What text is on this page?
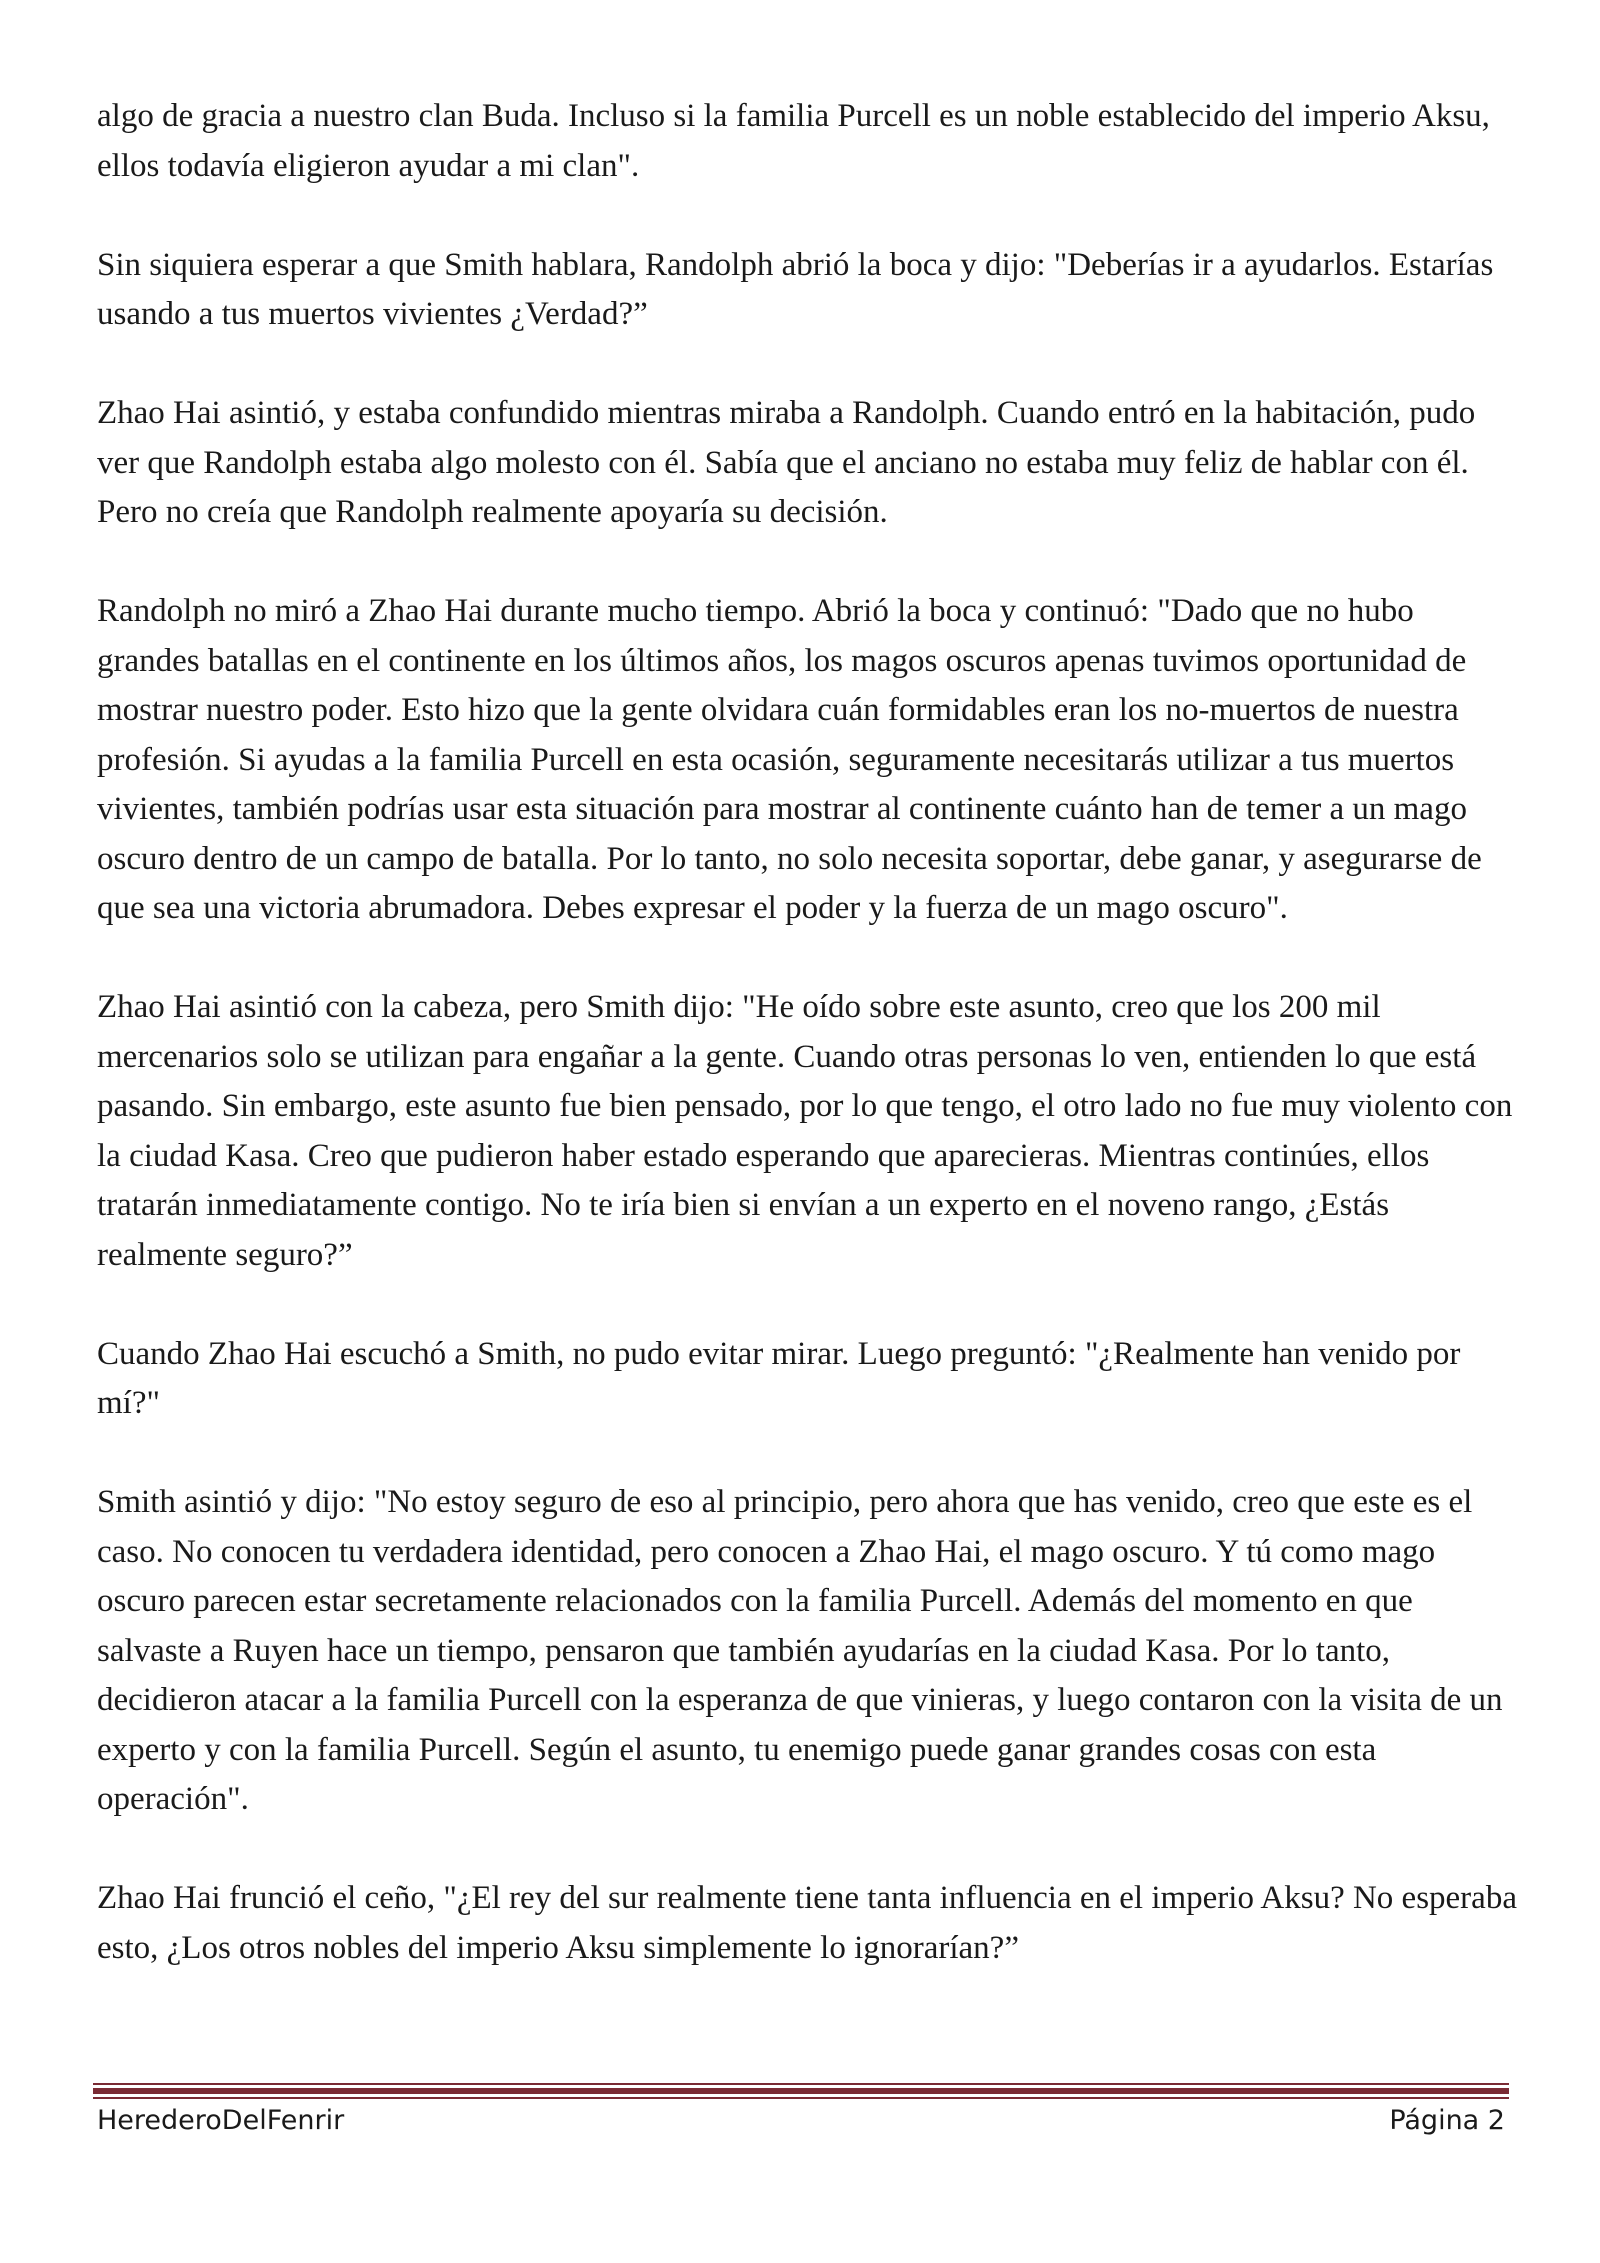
algo de gracia a nuestro clan Buda. Incluso si la familia Purcell es un noble establecido del imperio Aksu, ellos todavía eligieron ayudar a mi clan".

Sin siquiera esperar a que Smith hablara, Randolph abrió la boca y dijo: "Deberías ir a ayudarlos. Estarías usando a tus muertos vivientes ¿Verdad?”

Zhao Hai asintió, y estaba confundido mientras miraba a Randolph. Cuando entró en la habitación, pudo ver que Randolph estaba algo molesto con él. Sabía que el anciano no estaba muy feliz de hablar con él. Pero no creía que Randolph realmente apoyaría su decisión.

Randolph no miró a Zhao Hai durante mucho tiempo. Abrió la boca y continuó: "Dado que no hubo grandes batallas en el continente en los últimos años, los magos oscuros apenas tuvimos oportunidad de mostrar nuestro poder. Esto hizo que la gente olvidara cuán formidables eran los no-muertos de nuestra profesión. Si ayudas a la familia Purcell en esta ocasión, seguramente necesitarás utilizar a tus muertos vivientes, también podrías usar esta situación para mostrar al continente cuánto han de temer a un mago oscuro dentro de un campo de batalla. Por lo tanto, no solo necesita soportar, debe ganar, y asegurarse de que sea una victoria abrumadora. Debes expresar el poder y la fuerza de un mago oscuro".

Zhao Hai asintió con la cabeza, pero Smith dijo: "He oído sobre este asunto, creo que los 200 mil mercenarios solo se utilizan para engañar a la gente. Cuando otras personas lo ven, entienden lo que está pasando. Sin embargo, este asunto fue bien pensado, por lo que tengo, el otro lado no fue muy violento con la ciudad Kasa. Creo que pudieron haber estado esperando que aparecieras. Mientras continúes, ellos tratarán inmediatamente contigo. No te iría bien si envían a un experto en el noveno rango, ¿Estás realmente seguro?”

Cuando Zhao Hai escuchó a Smith, no pudo evitar mirar. Luego preguntó: "¿Realmente han venido por mí?"

Smith asintió y dijo: "No estoy seguro de eso al principio, pero ahora que has venido, creo que este es el caso. No conocen tu verdadera identidad, pero conocen a Zhao Hai, el mago oscuro. Y tú como mago oscuro parecen estar secretamente relacionados con la familia Purcell. Además del momento en que salvaste a Ruyen hace un tiempo, pensaron que también ayudarías en la ciudad Kasa. Por lo tanto, decidieron atacar a la familia Purcell con la esperanza de que vinieras, y luego contaron con la visita de un experto y con la familia Purcell. Según el asunto, tu enemigo puede ganar grandes cosas con esta operación".

Zhao Hai frunció el ceño, "¿El rey del sur realmente tiene tanta influencia en el imperio Aksu? No esperaba esto, ¿Los otros nobles del imperio Aksu simplemente lo ignorarían?”

HerederoDelFenrir	Página 2
